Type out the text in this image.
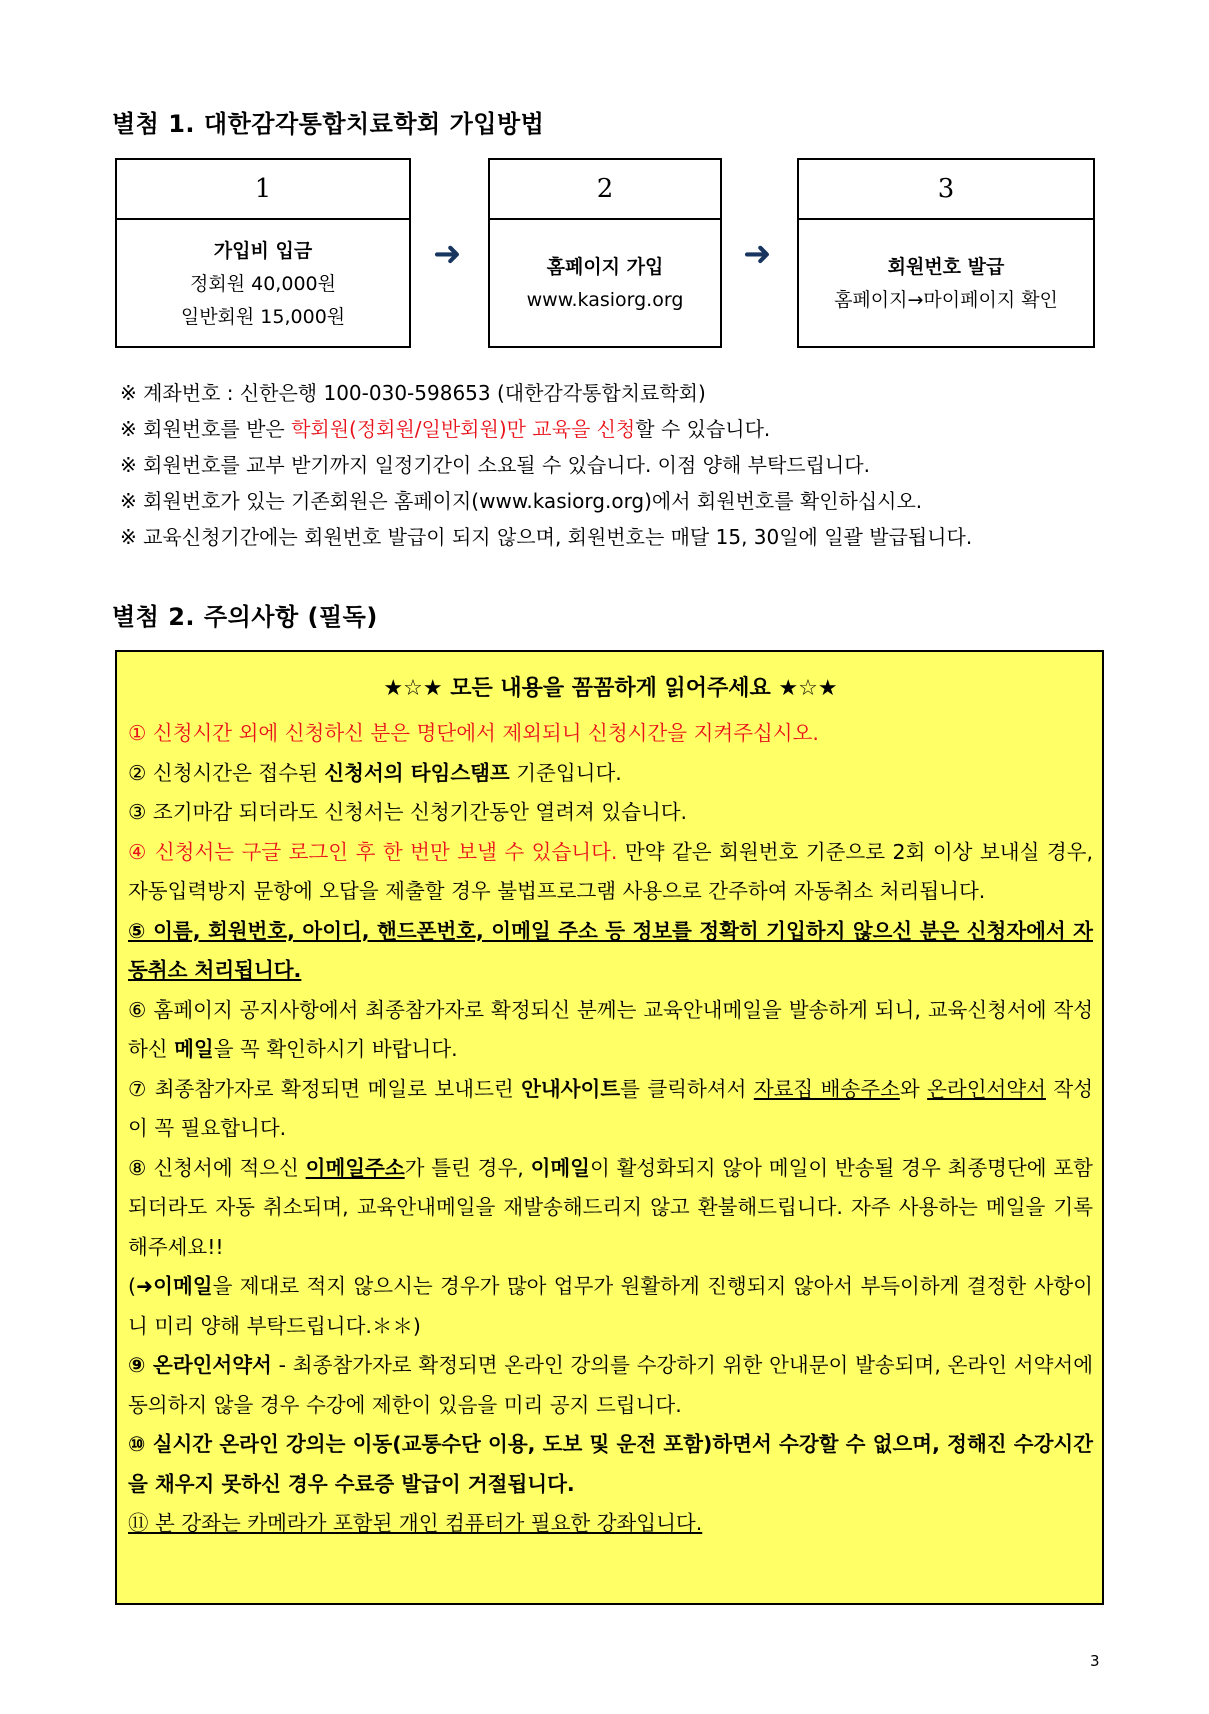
별첨 1. 대한감각통합치료학회 가입방법
1
가입비 입금
정회원 40,000원
일반회원 15,000원
➜
2
홈페이지 가입
www.kasiorg.org
➜
3
회원번호 발급
홈페이지→마이페이지 확인
※ 계좌번호 : 신한은행 100-030-598653 (대한감각통합치료학회)
※ 회원번호를 받은 학회원(정회원/일반회원)만 교육을 신청할 수 있습니다.
※ 회원번호를 교부 받기까지 일정기간이 소요될 수 있습니다. 이점 양해 부탁드립니다.
※ 회원번호가 있는 기존회원은 홈페이지(www.kasiorg.org)에서 회원번호를 확인하십시오.
※ 교육신청기간에는 회원번호 발급이 되지 않으며, 회원번호는 매달 15, 30일에 일괄 발급됩니다.
별첨 2. 주의사항 (필독)
★☆★ 모든 내용을 꼼꼼하게 읽어주세요 ★☆★

① 신청시간 외에 신청하신 분은 명단에서 제외되니 신청시간을 지켜주십시오.

② 신청시간은 접수된 신청서의 타임스탬프 기준입니다.

③ 조기마감 되더라도 신청서는 신청기간동안 열려져 있습니다.

④ 신청서는 구글 로그인 후 한 번만 보낼 수 있습니다. 만약 같은 회원번호 기준으로 2회 이상 보내실 경우, 자동입력방지 문항에 오답을 제출할 경우 불법프로그램 사용으로 간주하여 자동취소 처리됩니다.

⑤ 이름, 회원번호, 아이디, 핸드폰번호, 이메일 주소 등 정보를 정확히 기입하지 않으신 분은 신청자에서 자동취소 처리됩니다.

⑥ 홈페이지 공지사항에서 최종참가자로 확정되신 분께는 교육안내메일을 발송하게 되니, 교육신청서에 작성하신 메일을 꼭 확인하시기 바랍니다.

⑦ 최종참가자로 확정되면 메일로 보내드린 안내사이트를 클릭하셔서 자료집 배송주소와 온라인서약서 작성이 꼭 필요합니다.

⑧ 신청서에 적으신 이메일주소가 틀린 경우, 이메일이 활성화되지 않아 메일이 반송될 경우 최종명단에 포함되더라도 자동 취소되며, 교육안내메일을 재발송해드리지 않고 환불해드립니다. 자주 사용하는 메일을 기록해주세요!!

(➜이메일을 제대로 적지 않으시는 경우가 많아 업무가 원활하게 진행되지 않아서 부득이하게 결정한 사항이니 미리 양해 부탁드립니다.＊＊)

⑨ 온라인서약서 - 최종참가자로 확정되면 온라인 강의를 수강하기 위한 안내문이 발송되며, 온라인 서약서에 동의하지 않을 경우 수강에 제한이 있음을 미리 공지 드립니다.

⑩ 실시간 온라인 강의는 이동(교통수단 이용, 도보 및 운전 포함)하면서 수강할 수 없으며, 정해진 수강시간을 채우지 못하신 경우 수료증 발급이 거절됩니다.

⑪ 본 강좌는 카메라가 포함된 개인 컴퓨터가 필요한 강좌입니다.

3
